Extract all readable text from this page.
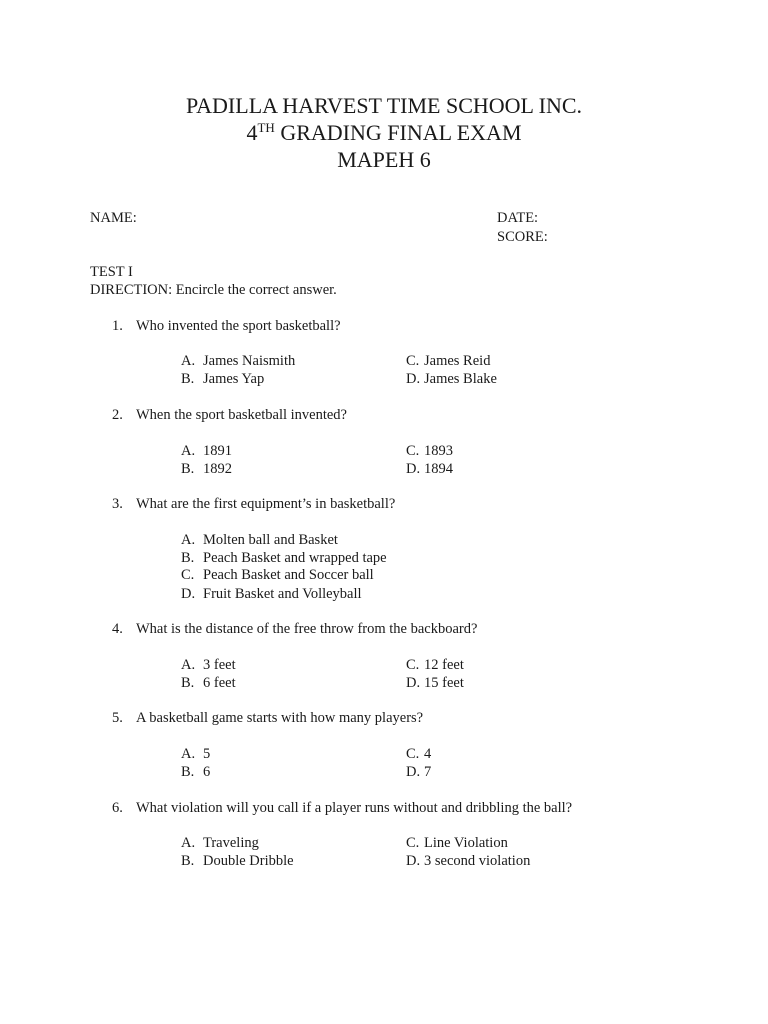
PADILLA HARVEST TIME SCHOOL INC.
4TH GRADING FINAL EXAM
MAPEH 6
NAME:	DATE:
SCORE:
TEST I
DIRECTION: Encircle the correct answer.
1. Who invented the sport basketball?
A. James Naismith
B. James Yap
C. James Reid
D. James Blake
2. When the sport basketball invented?
A. 1891
B. 1892
C. 1893
D. 1894
3. What are the first equipment’s in basketball?
A. Molten ball and Basket
B. Peach Basket and wrapped tape
C. Peach Basket and Soccer ball
D. Fruit Basket and Volleyball
4. What is the distance of the free throw from the backboard?
A. 3 feet
B. 6 feet
C. 12 feet
D. 15 feet
5. A basketball game starts with how many players?
A. 5
B. 6
C. 4
D. 7
6. What violation will you call if a player runs without and dribbling the ball?
A. Traveling
B. Double Dribble
C. Line Violation
D. 3 second violation
